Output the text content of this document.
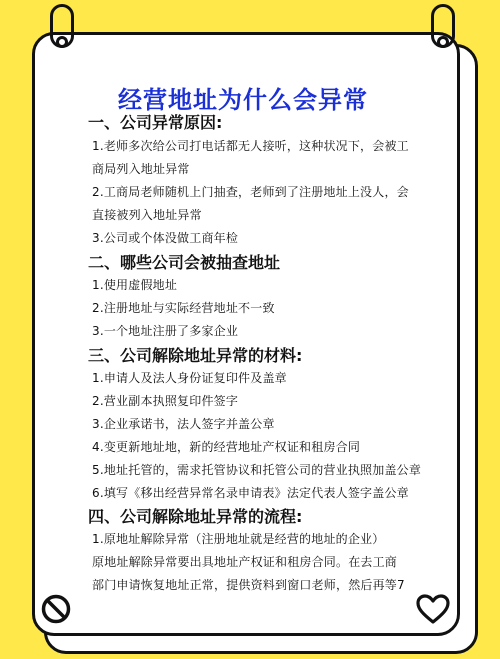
经营地址为什么会异常
一、公司异常原因:
1.老师多次给公司打电话都无人接听，这种状况下，会被工
商局列入地址异常
2.工商局老师随机上门抽查，老师到了注册地址上没人，会
直接被列入地址异常
3.公司或个体没做工商年检
二、哪些公司会被抽查地址
1.使用虚假地址
2.注册地址与实际经营地址不一致
3.一个地址注册了多家企业
三、公司解除地址异常的材料:
1.申请人及法人身份证复印件及盖章
2.营业副本执照复印件签字
3.企业承诺书，法人签字并盖公章
4.变更新地址地，新的经营地址产权证和租房合同
5.地址托管的，需求托管协议和托管公司的营业执照加盖公章
6.填写《移出经营异常名录申请表》法定代表人签字盖公章
四、公司解除地址异常的流程:
1.原地址解除异常（注册地址就是经营的地址的企业）
原地址解除异常要出具地址产权证和租房合同。在去工商
部门申请恢复地址正常，提供资料到窗口老师，然后再等7
